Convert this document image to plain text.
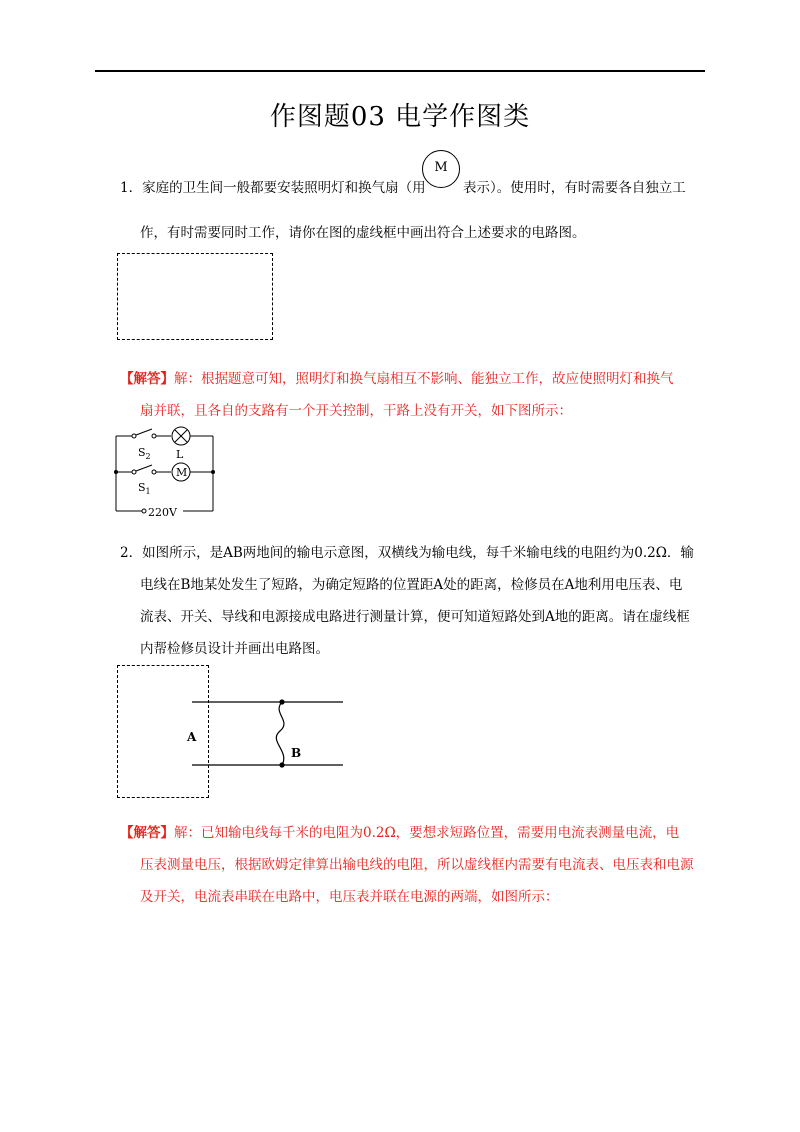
作图题03 电学作图类
1．家庭的卫生间一般都要安装照明灯和换气扇（用
M
表示）。使用时，有时需要各自独立工
作，有时需要同时工作，请你在图的虚线框中画出符合上述要求的电路图。
【解答】解：根据题意可知，照明灯和换气扇相互不影响、能独立工作，故应使照明灯和换气
扇并联，且各自的支路有一个开关控制，干路上没有开关，如下图所示：
$S_2$ L
M
$S_1$
220V
2．如图所示，是AB两地间的输电示意图，双横线为输电线，每千米输电线的电阻约为0.2Ω．输
电线在B地某处发生了短路，为确定短路的位置距A处的距离，检修员在A地利用电压表、电
流表、开关、导线和电源接成电路进行测量计算，便可知道短路处到A地的距离。请在虚线框
内帮检修员设计并画出电路图。
A
B
【解答】解：已知输电线每千米的电阻为0.2Ω，要想求短路位置，需要用电流表测量电流，电
压表测量电压，根据欧姆定律算出输电线的电阻，所以虚线框内需要有电流表、电压表和电源
及开关，电流表串联在电路中，电压表并联在电源的两端，如图所示：
